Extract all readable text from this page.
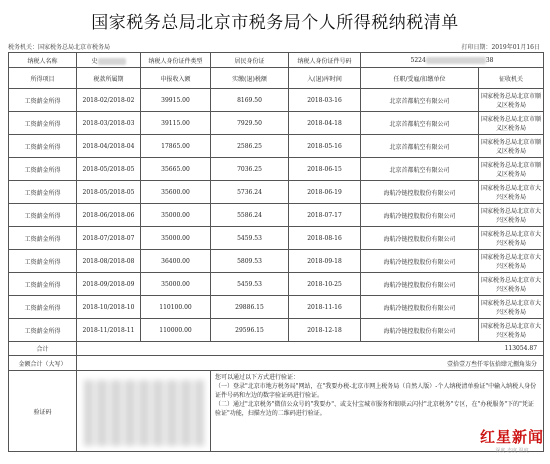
国家税务总局北京市税务局个人所得税纳税清单
税务机关：国家税务总局北京市税务局	打印日期：2019年01月16日
纳税人名称	史	纳税人身份证件类型	居民身份证	纳税人身份证件号码	5224 38	
所得项目	税款所属期	申报收入额	实缴(退)税额	入(退)库时间	任职/受雇/扣缴单位	征收机关
工资薪金所得	2018-02/2018-02	39915.00	8169.50	2018-03-16	北京首都航空有限公司	国家税务总局北京市顺义区税务局
工资薪金所得	2018-03/2018-03	39115.00	7929.50	2018-04-18	北京首都航空有限公司	国家税务总局北京市顺义区税务局
工资薪金所得	2018-04/2018-04	17865.00	2586.25	2018-05-16	北京首都航空有限公司	国家税务总局北京市顺义区税务局
工资薪金所得	2018-05/2018-05	35665.00	7036.25	2018-06-15	北京首都航空有限公司	国家税务总局北京市顺义区税务局
工资薪金所得	2018-05/2018-05	35600.00	5736.24	2018-06-19	海航冷链控股股份有限公司	国家税务总局北京市大兴区税务局
工资薪金所得	2018-06/2018-06	35000.00	5586.24	2018-07-17	海航冷链控股股份有限公司	国家税务总局北京市大兴区税务局
工资薪金所得	2018-07/2018-07	35000.00	5459.53	2018-08-16	海航冷链控股股份有限公司	国家税务总局北京市大兴区税务局
工资薪金所得	2018-08/2018-08	36400.00	5809.53	2018-09-18	海航冷链控股股份有限公司	国家税务总局北京市大兴区税务局
工资薪金所得	2018-09/2018-09	35000.00	5459.53	2018-10-25	海航冷链控股股份有限公司	国家税务总局北京市大兴区税务局
工资薪金所得	2018-10/2018-10	110100.00	29886.15	2018-11-16	海航冷链控股股份有限公司	国家税务总局北京市大兴区税务局
工资薪金所得	2018-11/2018-11	110000.00	29596.15	2018-12-18	海航冷链控股股份有限公司	国家税务总局北京市大兴区税务局
合计	113054.87					
金额合计（大写）	壹拾壹万叁仟零伍拾肆元捌角柒分					
验证码			您可以通过以下方式进行验证：
（一）登录"北京市地方税务局"网站，在"我要办税-北京市网上税务局（自然人版）-个人纳税清单验证"中输入纳税人身份证件号码和左边的数字验证码进行验证。
（二）通过"北京税务"微信公众号的"我要办"、或支付宝城市服务和银联云闪付"北京税务"专区，在"办税服务"下的"凭证验证"功能，扫描左边的二维码进行验证。			
红星新闻
深度 态度 温度
